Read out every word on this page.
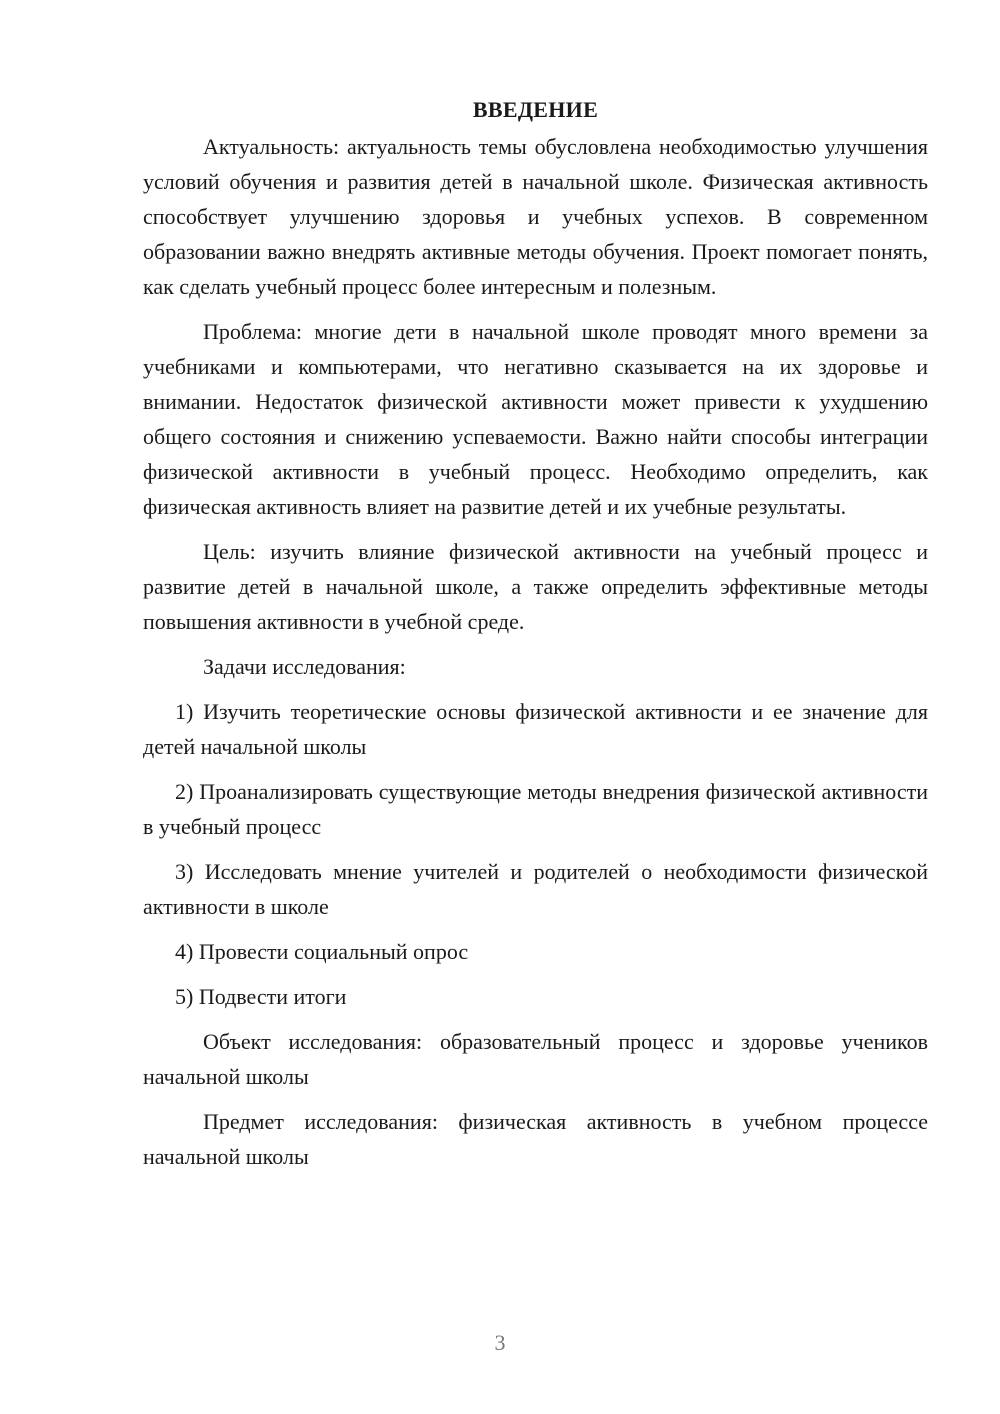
ВВЕДЕНИЕ

Актуальность: актуальность темы обусловлена необходимостью улучшения условий обучения и развития детей в начальной школе. Физическая активность способствует улучшению здоровья и учебных успехов. В современном образовании важно внедрять активные методы обучения. Проект помогает понять, как сделать учебный процесс более интересным и полезным.

Проблема: многие дети в начальной школе проводят много времени за учебниками и компьютерами, что негативно сказывается на их здоровье и внимании. Недостаток физической активности может привести к ухудшению общего состояния и снижению успеваемости. Важно найти способы интеграции физической активности в учебный процесс. Необходимо определить, как физическая активность влияет на развитие детей и их учебные результаты.

Цель: изучить влияние физической активности на учебный процесс и развитие детей в начальной школе, а также определить эффективные методы повышения активности в учебной среде.

Задачи исследования:

1) Изучить теоретические основы физической активности и ее значение для детей начальной школы

2) Проанализировать существующие методы внедрения физической активности в учебный процесс

3) Исследовать мнение учителей и родителей о необходимости физической активности в школе

4) Провести социальный опрос

5) Подвести итоги

Объект исследования: образовательный процесс и здоровье учеников начальной школы

Предмет исследования: физическая активность в учебном процессе начальной школы

3
